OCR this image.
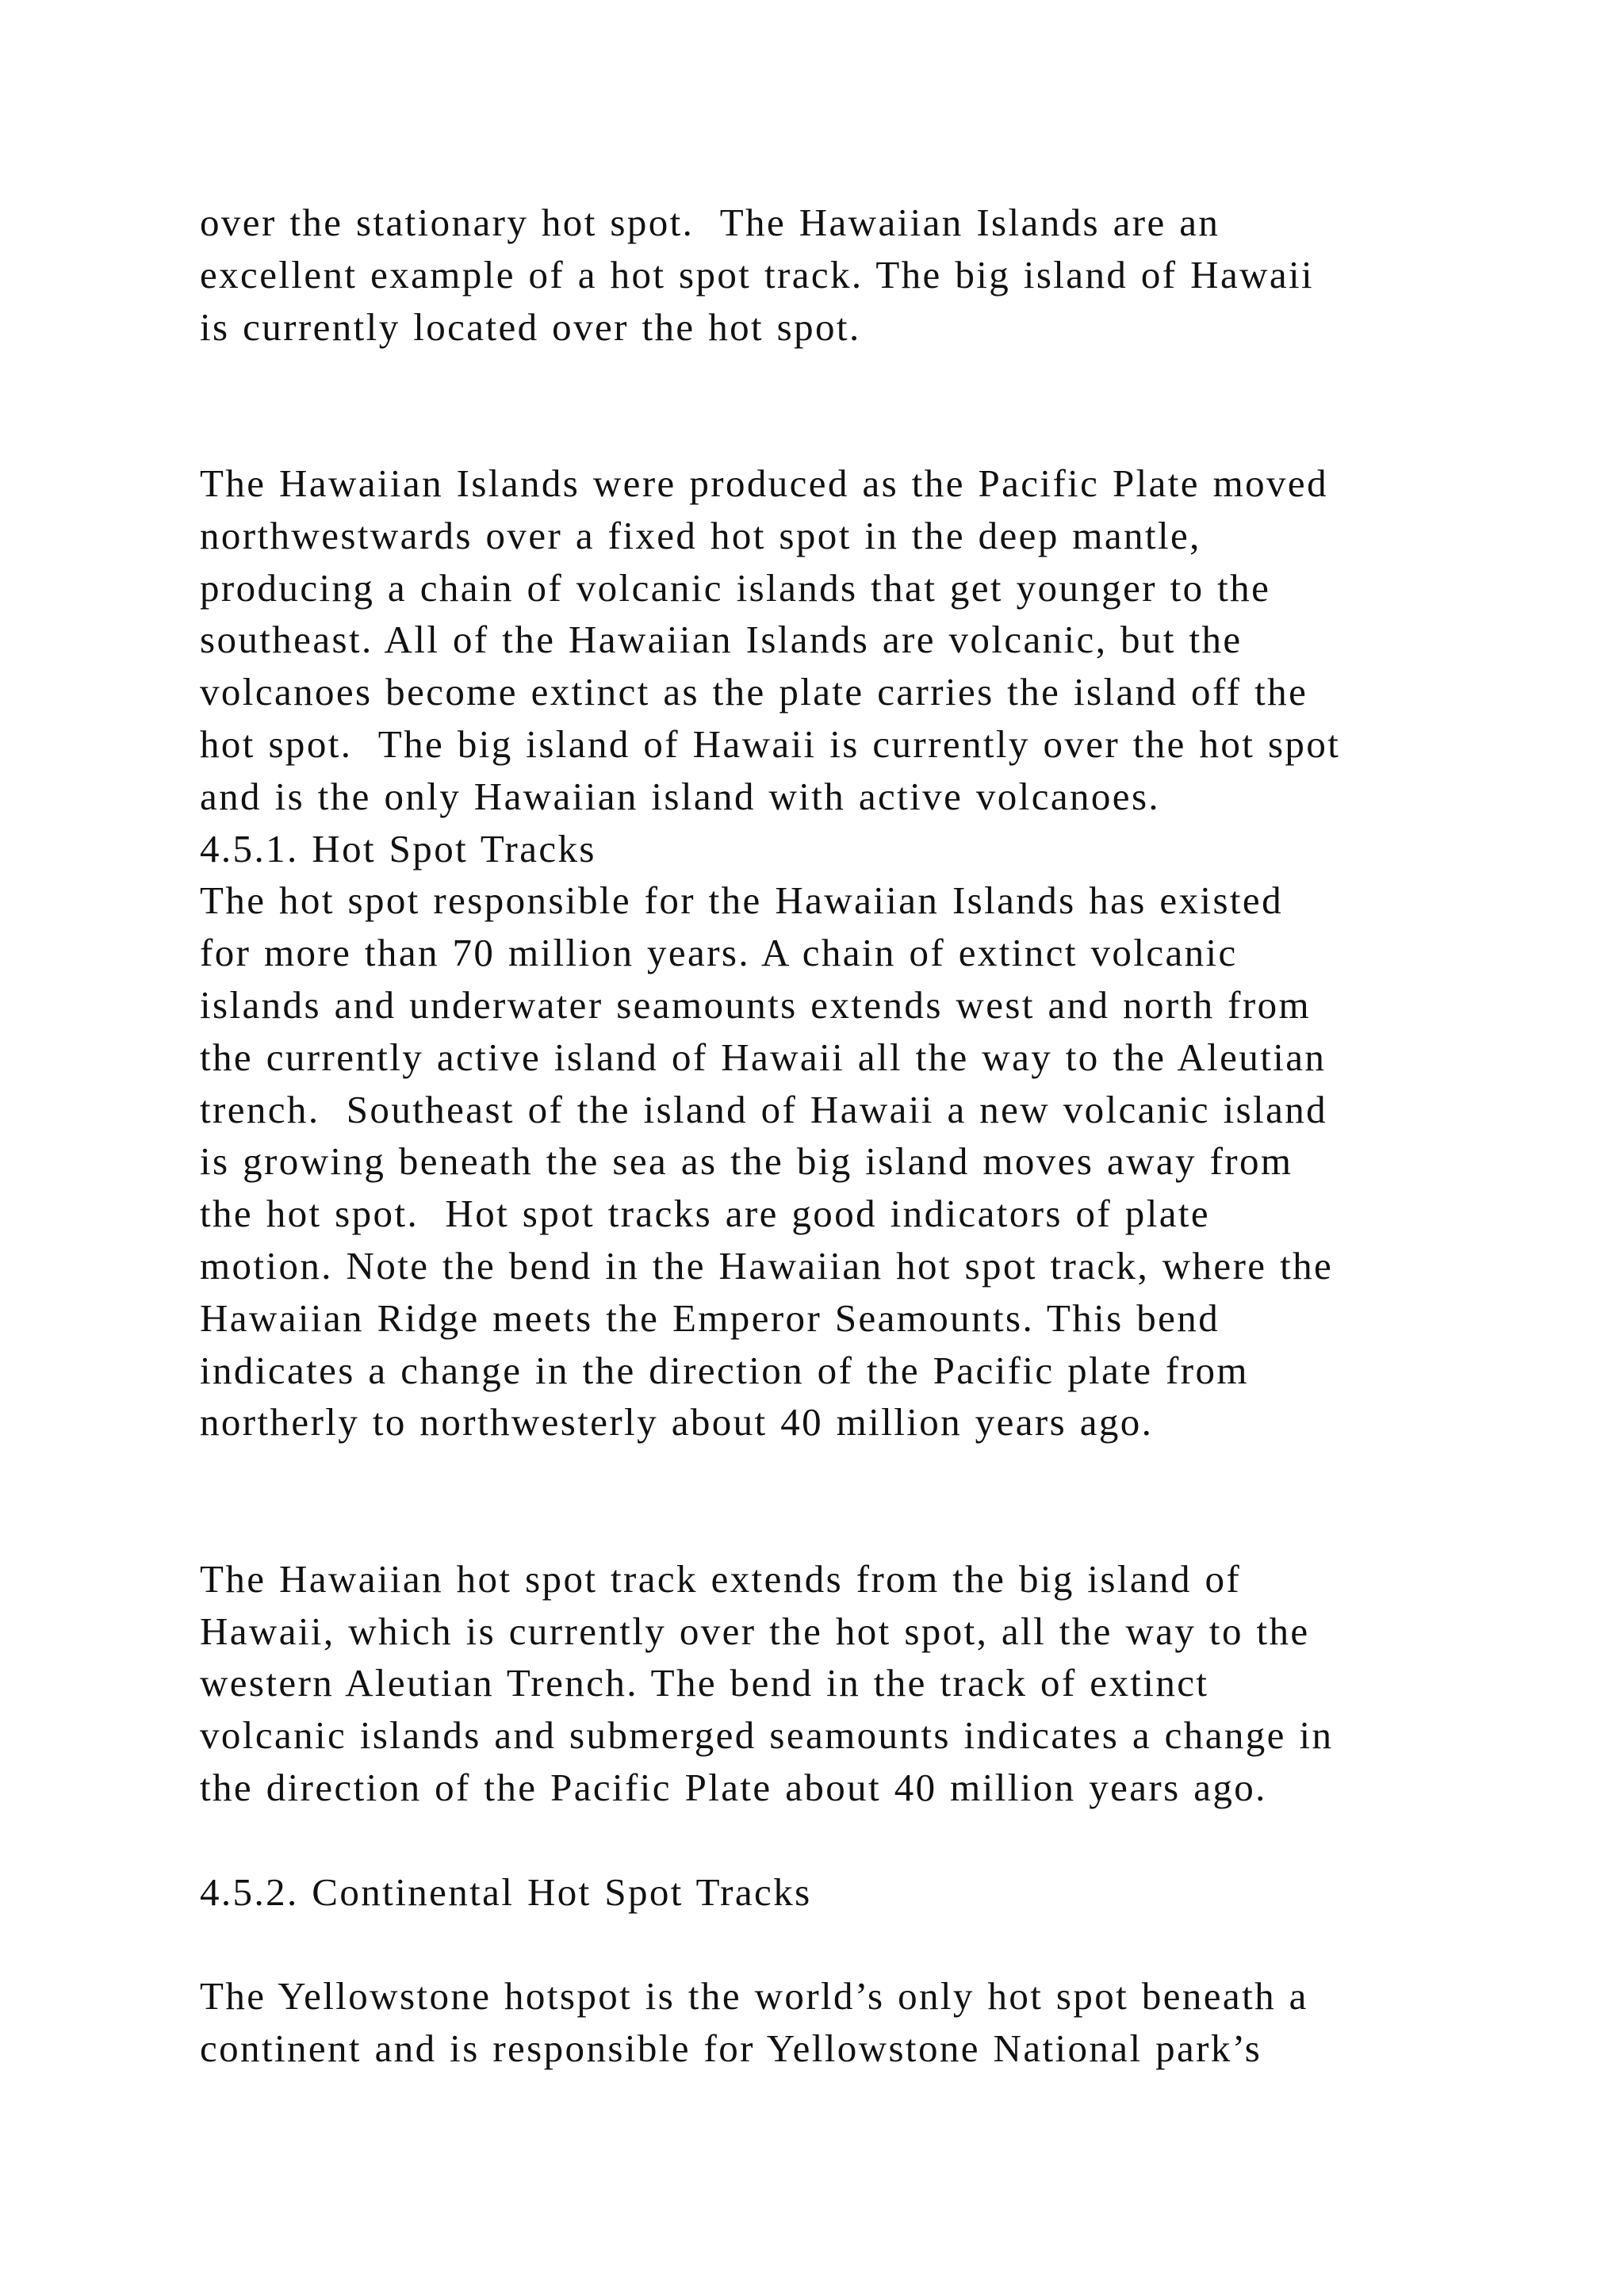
over the stationary hot spot.  The Hawaiian Islands are an
excellent example of a hot spot track. The big island of Hawaii
is currently located over the hot spot.
The Hawaiian Islands were produced as the Pacific Plate moved
northwestwards over a fixed hot spot in the deep mantle,
producing a chain of volcanic islands that get younger to the
southeast. All of the Hawaiian Islands are volcanic, but the
volcanoes become extinct as the plate carries the island off the
hot spot.  The big island of Hawaii is currently over the hot spot
and is the only Hawaiian island with active volcanoes.
4.5.1. Hot Spot Tracks
The hot spot responsible for the Hawaiian Islands has existed
for more than 70 million years. A chain of extinct volcanic
islands and underwater seamounts extends west and north from
the currently active island of Hawaii all the way to the Aleutian
trench.  Southeast of the island of Hawaii a new volcanic island
is growing beneath the sea as the big island moves away from
the hot spot.  Hot spot tracks are good indicators of plate
motion. Note the bend in the Hawaiian hot spot track, where the
Hawaiian Ridge meets the Emperor Seamounts. This bend
indicates a change in the direction of the Pacific plate from
northerly to northwesterly about 40 million years ago.
The Hawaiian hot spot track extends from the big island of
Hawaii, which is currently over the hot spot, all the way to the
western Aleutian Trench. The bend in the track of extinct
volcanic islands and submerged seamounts indicates a change in
the direction of the Pacific Plate about 40 million years ago.
4.5.2. Continental Hot Spot Tracks
The Yellowstone hotspot is the world’s only hot spot beneath a
continent and is responsible for Yellowstone National park’s
